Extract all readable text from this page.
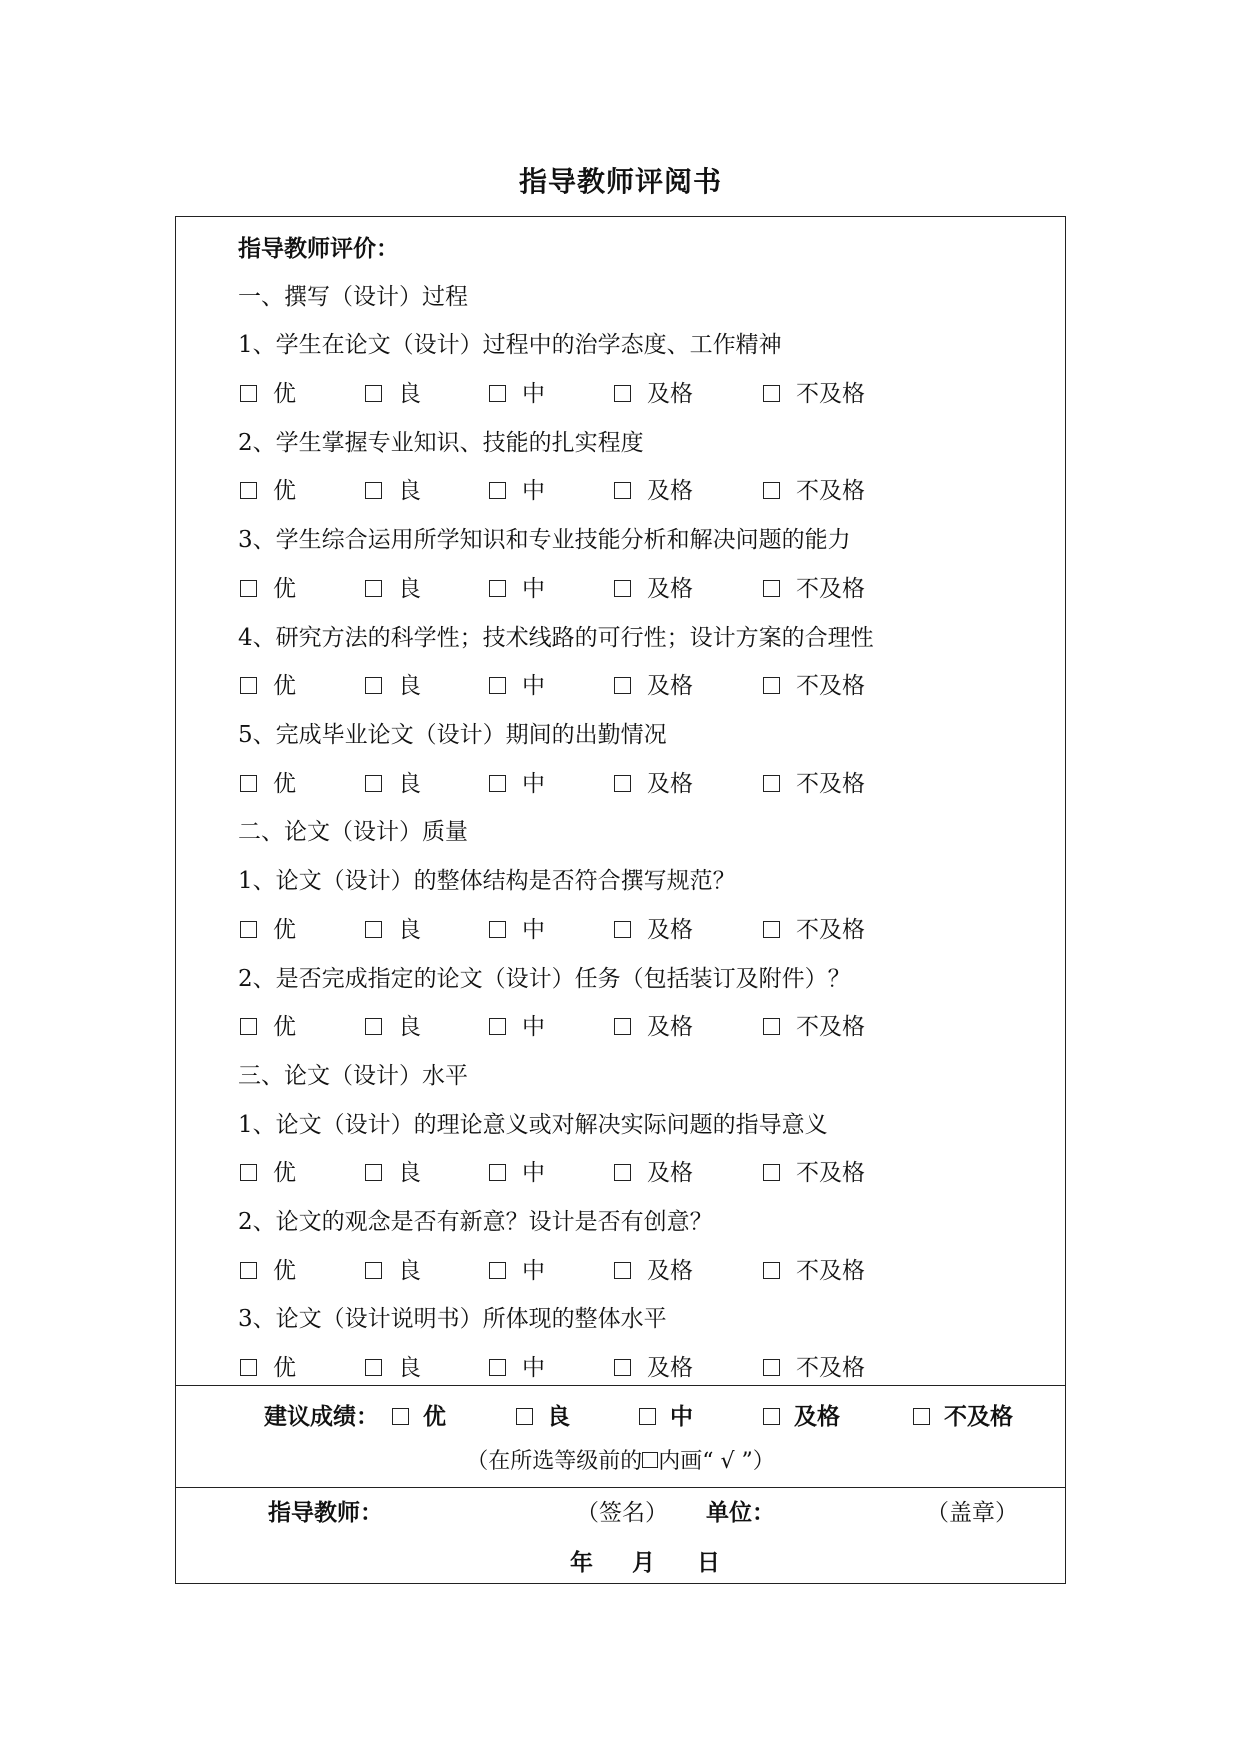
指导教师评阅书
指导教师评价：
一、撰写（设计）过程
1、学生在论文（设计）过程中的治学态度、工作精神
优	良	中	及格	不及格
2、学生掌握专业知识、技能的扎实程度
优	良	中	及格	不及格
3、学生综合运用所学知识和专业技能分析和解决问题的能力
优	良	中	及格	不及格
4、研究方法的科学性；技术线路的可行性；设计方案的合理性
优	良	中	及格	不及格
5、完成毕业论文（设计）期间的出勤情况
优	良	中	及格	不及格
二、论文（设计）质量
1、论文（设计）的整体结构是否符合撰写规范？
优	良	中	及格	不及格
2、是否完成指定的论文（设计）任务（包括装订及附件）？
优	良	中	及格	不及格
三、论文（设计）水平
1、论文（设计）的理论意义或对解决实际问题的指导意义
优	良	中	及格	不及格
2、论文的观念是否有新意？设计是否有创意？
优	良	中	及格	不及格
3、论文（设计说明书）所体现的整体水平
优	良	中	及格	不及格
建议成绩：	优	良	中	及格	不及格
（在所选等级前的 内画“ √ ”）
指导教师：	（签名） 单位：	（盖章）
年 月 日
